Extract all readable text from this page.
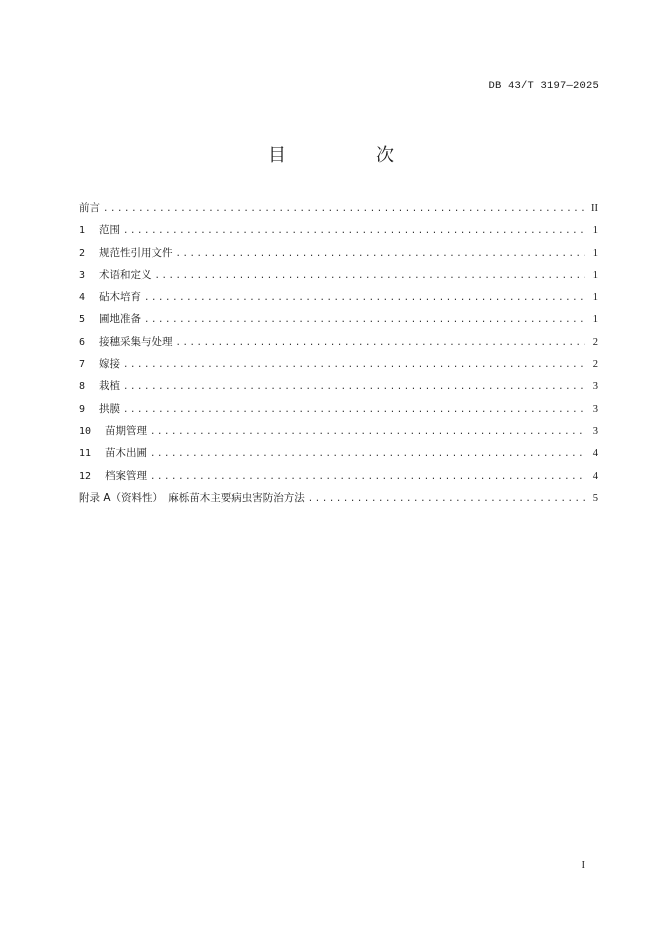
DB 43/T 3197—2025
目　次
前言 .....	II
1	范围 .....	1
2	规范性引用文件 .....	1
3	术语和定义 .....	1
4	砧木培育 .....	1
5	圃地准备 .....	1
6	接穗采集与处理 .....	2
7	嫁接 .....	2
8	栽植 .....	3
9	拱膜 .....	3
10	苗期管理 .....	3
11	苗木出圃 .....	4
12	档案管理 .....	4
附录 A（资料性）　麻栎苗木主要病虫害防治方法 .....	5
I
